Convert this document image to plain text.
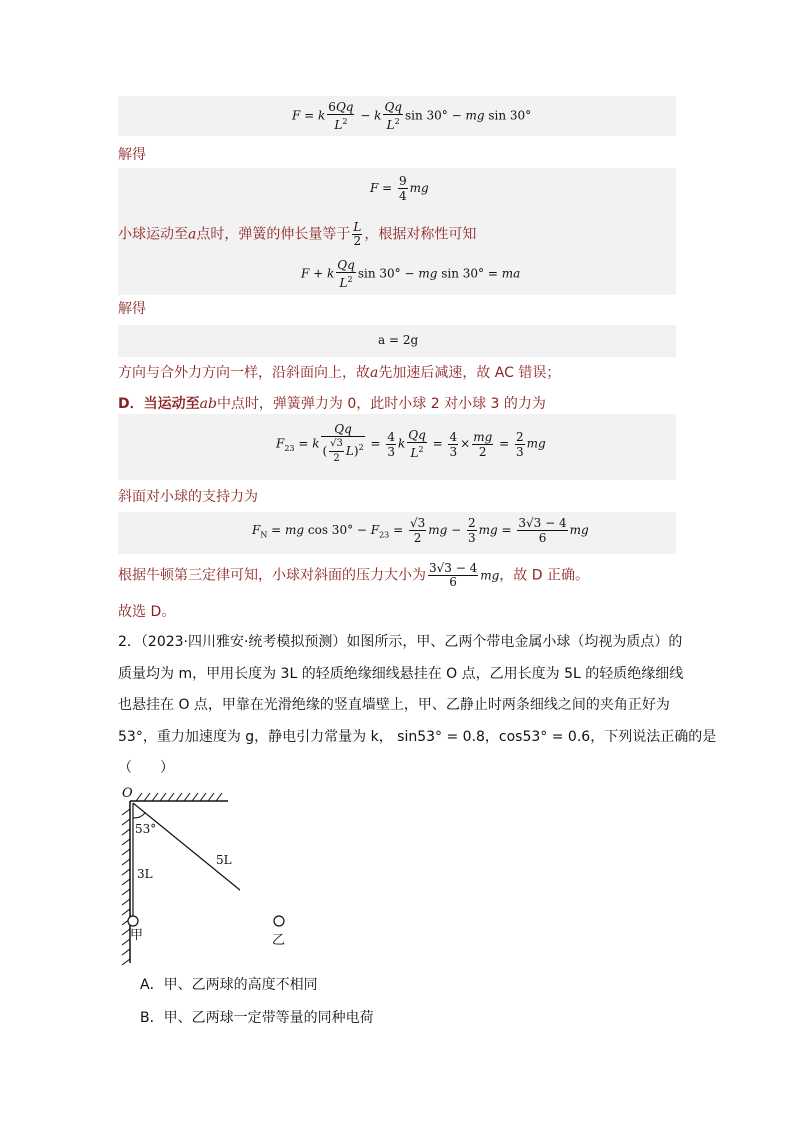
F = k $\frac{6Qq}{L^2} - k \frac{Qq}{L^2}$ sin 30° − mg sin 30°
解得
$F = \frac{9}{4}$ mg
小球运动至a点时，弹簧的伸长量等于 $\frac{L}{2}$ ，根据对称性可知
F + k $\frac{Qq}{L^2}$ sin 30° − mg sin 30° = ma
解得
a = 2g
方向与合外力方向一样，沿斜面向上，故a先加速后减速，故 AC 错误；
D．当运动至ab中点时，弹簧弹力为 0，此时小球 2 对小球 3 的力为
$F_{23} = k \frac{Qq}{( \frac{√3}{2} L)^2} = \frac{4}{3}$ k $\frac{Qq}{L^2} = \frac{4}{3} \times \frac{mg}{2} = \frac{2}{3}$ mg
斜面对小球的支持力为
$F_N$ = mg $\cos 30^\circ - F_{23} = \frac{√3}{2}$ mg − $\frac{2}{3}$ mg = $\frac{3√3 - 4}{6}$ mg
根据牛顿第三定律可知，小球对斜面的压力大小为 $\frac{3√3 - 4}{6}$ mg，故 D 正确。
故选 D。
2．（2023·四川雅安·统考模拟预测）如图所示，甲、乙两个带电金属小球（均视为质点）的
质量均为 m，甲用长度为 3L 的轻质绝缘细线悬挂在 O 点，乙用长度为 5L 的轻质绝缘细线
也悬挂在 O 点，甲靠在光滑绝缘的竖直墙壁上，甲、乙静止时两条细线之间的夹角正好为
53°，重力加速度为 g，静电引力常量为 k， sin53° = 0.8，cos53° = 0.6，下列说法正确的是
（　　）
O
53°
3L
5L
甲	乙
A．甲、乙两球的高度不相同
B．甲、乙两球一定带等量的同种电荷
